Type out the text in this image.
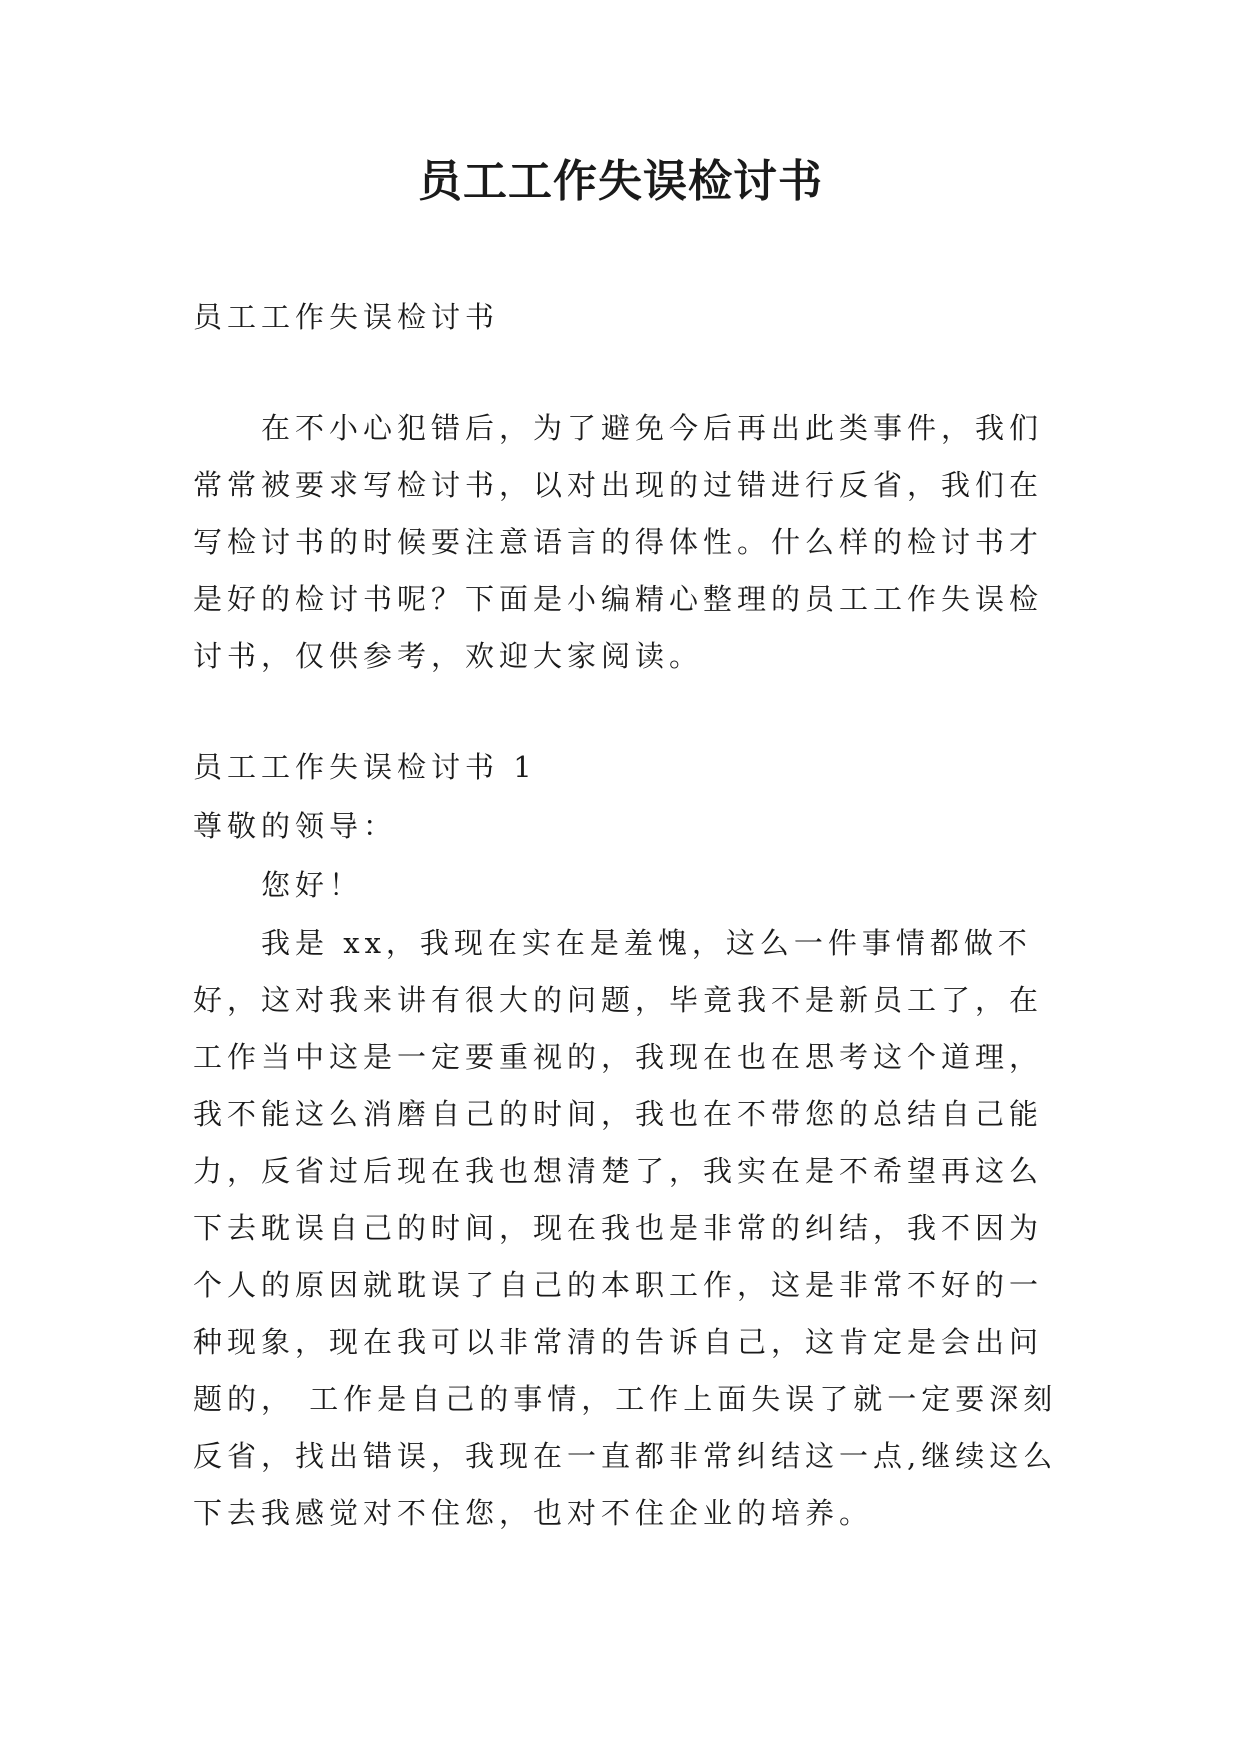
员工工作失误检讨书

员工工作失误检讨书

在不小心犯错后，为了避免今后再出此类事件，我们常常被要求写检讨书，以对出现的过错进行反省，我们在写检讨书的时候要注意语言的得体性。什么样的检讨书才是好的检讨书呢？下面是小编精心整理的员工工作失误检讨书，仅供参考，欢迎大家阅读。

员工工作失误检讨书 1

尊敬的领导：

您好！

我是 xx，我现在实在是羞愧，这么一件事情都做不好，这对我来讲有很大的问题，毕竟我不是新员工了，在工作当中这是一定要重视的，我现在也在思考这个道理，我不能这么消磨自己的时间，我也在不带您的总结自己能力，反省过后现在我也想清楚了，我实在是不希望再这么下去耽误自己的时间，现在我也是非常的纠结，我不因为个人的原因就耽误了自己的本职工作，这是非常不好的一种现象，现在我可以非常清的告诉自己，这肯定是会出问题的， 工作是自己的事情，工作上面失误了就一定要深刻反省，找出错误，我现在一直都非常纠结这一点,继续这么下去我感觉对不住您，也对不住企业的培养。
